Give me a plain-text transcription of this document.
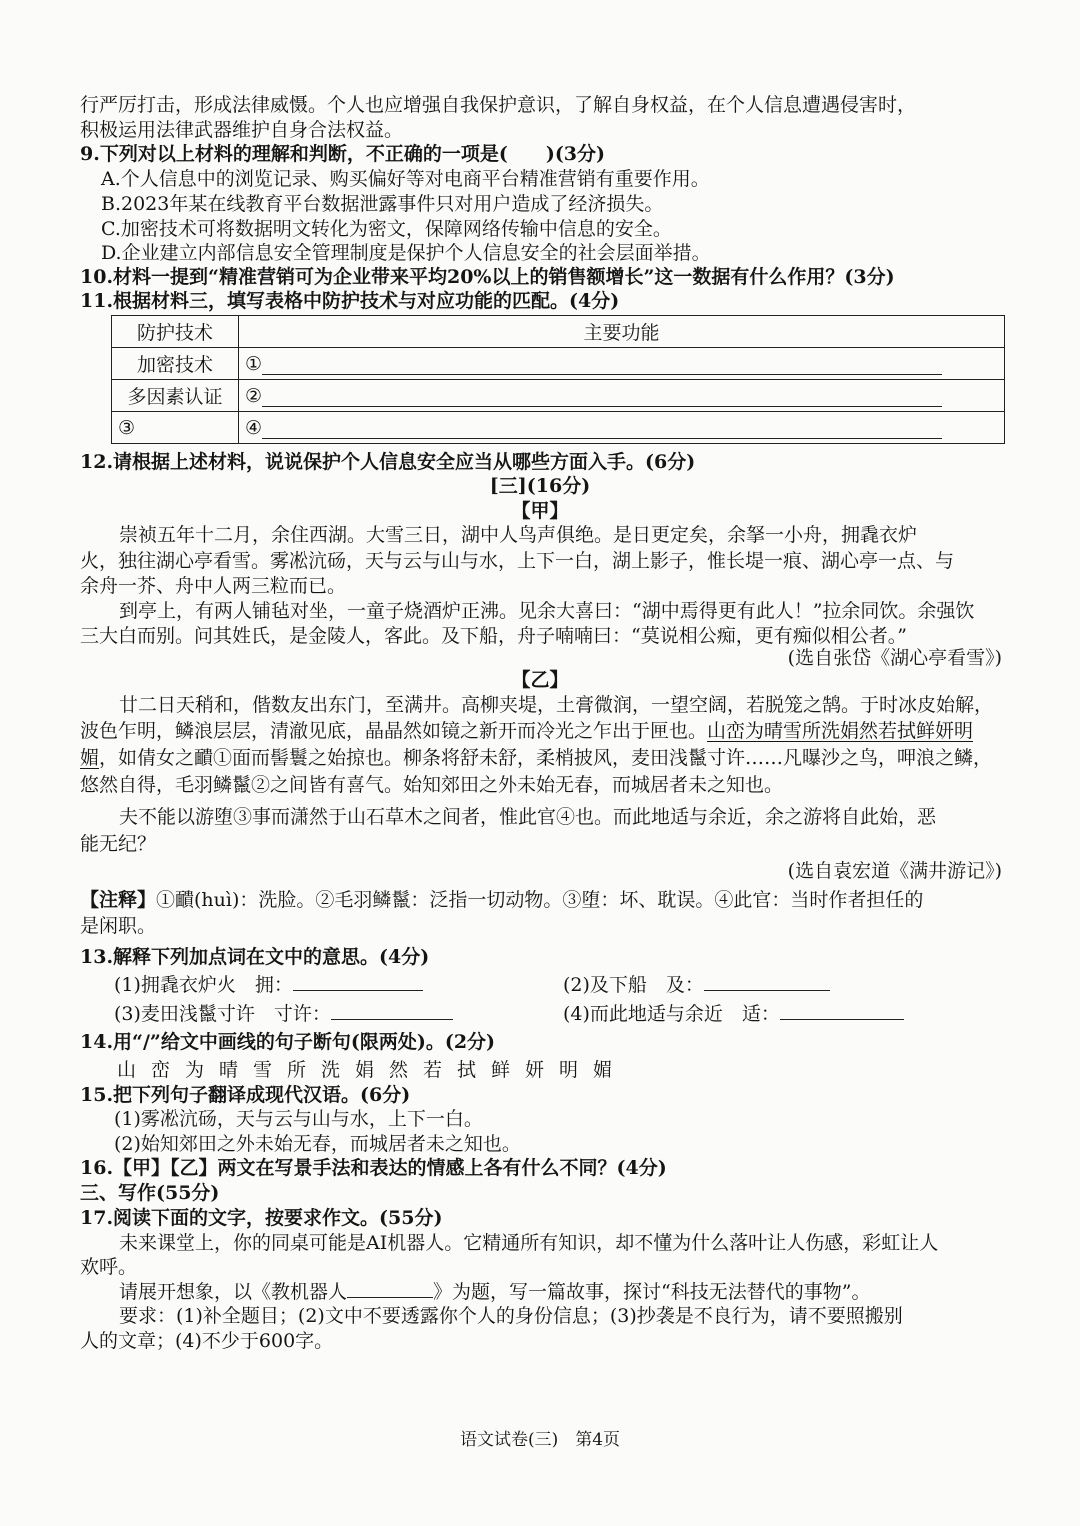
行严厉打击，形成法律威慑。个人也应增强自我保护意识，了解自身权益，在个人信息遭遇侵害时，
积极运用法律武器维护自身合法权益。
9.下列对以上材料的理解和判断，不正确的一项是(　　)(3分)
A.个人信息中的浏览记录、购买偏好等对电商平台精准营销有重要作用。
B.2023年某在线教育平台数据泄露事件只对用户造成了经济损失。
C.加密技术可将数据明文转化为密文，保障网络传输中信息的安全。
D.企业建立内部信息安全管理制度是保护个人信息安全的社会层面举措。
10.材料一提到“精准营销可为企业带来平均20%以上的销售额增长”这一数据有什么作用？(3分)
11.根据材料三，填写表格中防护技术与对应功能的匹配。(4分)
防护技术	主要功能
加密技术	①
多因素认证	②
③	④
12.请根据上述材料，说说保护个人信息安全应当从哪些方面入手。(6分)
[三](16分)
【甲】
崇祯五年十二月，余住西湖。大雪三日，湖中人鸟声俱绝。是日更定矣，余拏一小舟，拥毳衣炉
火，独往湖心亭看雪。雾凇沆砀，天与云与山与水，上下一白，湖上影子，惟长堤一痕、湖心亭一点、与
余舟一芥、舟中人两三粒而已。
到亭上，有两人铺毡对坐，一童子烧酒炉正沸。见余大喜曰：“湖中焉得更有此人！”拉余同饮。余强饮
三大白而别。问其姓氏，是金陵人，客此。及下船，舟子喃喃曰：“莫说相公痴，更有痴似相公者。”
(选自张岱《湖心亭看雪》)
【乙】
廿二日天稍和，偕数友出东门，至满井。高柳夹堤，土膏微润，一望空阔，若脱笼之鹄。于时冰皮始解，
波色乍明，鳞浪层层，清澈见底，晶晶然如镜之新开而冷光之乍出于匣也。山峦为晴雪所洗娟然若拭鲜妍明
媚，如倩女之靧①面而髻鬟之始掠也。柳条将舒未舒，柔梢披风，麦田浅鬣寸许……凡曝沙之鸟，呷浪之鳞，
悠然自得，毛羽鳞鬣②之间皆有喜气。始知郊田之外未始无春，而城居者未之知也。
夫不能以游堕③事而潇然于山石草木之间者，惟此官④也。而此地适与余近，余之游将自此始，恶
能无纪？
(选自袁宏道《满井游记》)
【注释】①靧(huì)：洗脸。②毛羽鳞鬣：泛指一切动物。③堕：坏、耽误。④此官：当时作者担任的
是闲职。
13.解释下列加点词在文中的意思。(4分)
(1)拥毳衣炉火　拥：	(2)及下船　及：
(3)麦田浅鬣寸许　寸许：	(4)而此地适与余近　适：
14.用“/”给文中画线的句子断句(限两处)。(2分)
山峦为晴雪所洗娟然若拭鲜妍明媚
15.把下列句子翻译成现代汉语。(6分)
(1)雾凇沆砀，天与云与山与水，上下一白。
(2)始知郊田之外未始无春，而城居者未之知也。
16.【甲】【乙】两文在写景手法和表达的情感上各有什么不同？(4分)
三、写作(55分)
17.阅读下面的文字，按要求作文。(55分)
未来课堂上，你的同桌可能是AI机器人。它精通所有知识，却不懂为什么落叶让人伤感，彩虹让人
欢呼。
请展开想象，以《教机器人	》为题，写一篇故事，探讨“科技无法替代的事物”。
要求：(1)补全题目；(2)文中不要透露你个人的身份信息；(3)抄袭是不良行为，请不要照搬别
人的文章；(4)不少于600字。
语文试卷(三)　第4页
